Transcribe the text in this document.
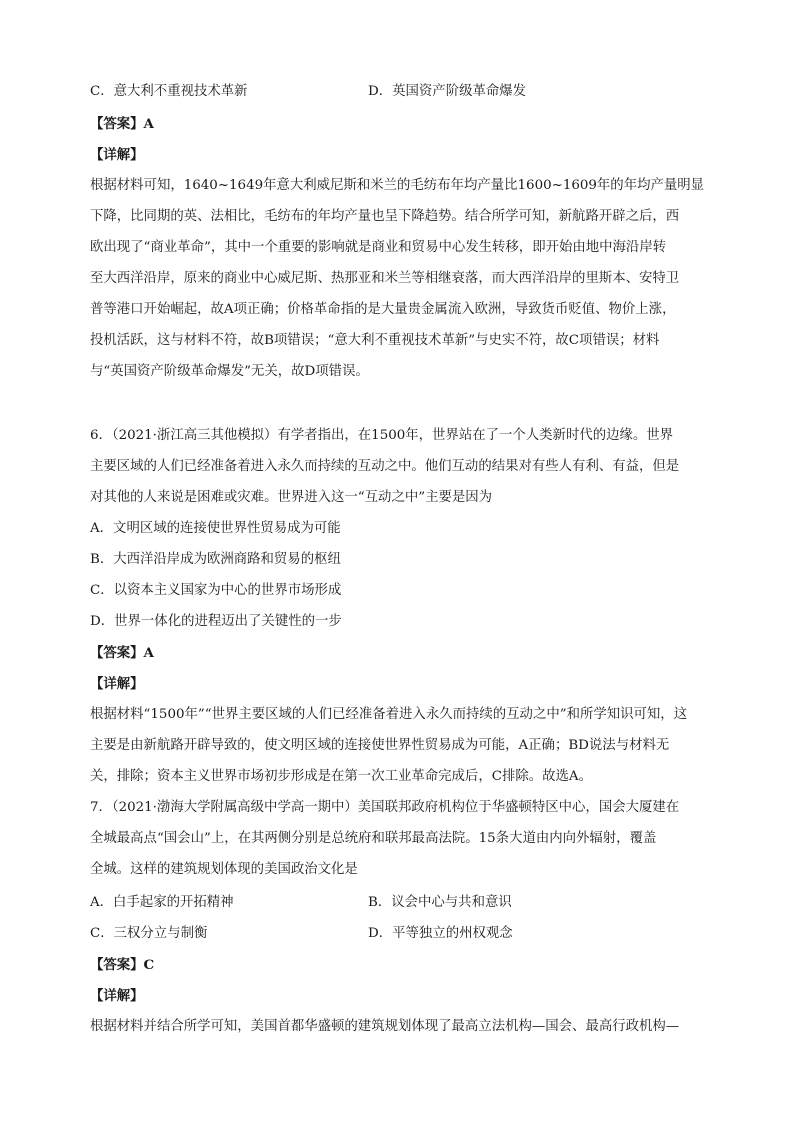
C．意大利不重视技术革新	D．英国资产阶级革命爆发
【答案】A
【详解】
根据材料可知，1640~1649年意大利威尼斯和米兰的毛纺布年均产量比1600~1609年的年均产量明显
下降，比同期的英、法相比，毛纺布的年均产量也呈下降趋势。结合所学可知，新航路开辟之后，西
欧出现了“商业革命”，其中一个重要的影响就是商业和贸易中心发生转移，即开始由地中海沿岸转
至大西洋沿岸，原来的商业中心威尼斯、热那亚和米兰等相继衰落，而大西洋沿岸的里斯本、安特卫
普等港口开始崛起，故A项正确；价格革命指的是大量贵金属流入欧洲，导致货币贬值、物价上涨，
投机活跃，这与材料不符，故B项错误；“意大利不重视技术革新”与史实不符，故C项错误；材料
与“英国资产阶级革命爆发”无关，故D项错误。
6．（2021·浙江高三其他模拟）有学者指出，在1500年，世界站在了一个人类新时代的边缘。世界
主要区域的人们已经准备着进入永久而持续的互动之中。他们互动的结果对有些人有利、有益，但是
对其他的人来说是困难或灾难。世界进入这一“互动之中”主要是因为
A．文明区域的连接使世界性贸易成为可能
B．大西洋沿岸成为欧洲商路和贸易的枢纽
C．以资本主义国家为中心的世界市场形成
D．世界一体化的进程迈出了关键性的一步
【答案】A
【详解】
根据材料“1500年”“世界主要区域的人们已经准备着进入永久而持续的互动之中”和所学知识可知，这
主要是由新航路开辟导致的，使文明区域的连接使世界性贸易成为可能，A正确；BD说法与材料无
关，排除；资本主义世界市场初步形成是在第一次工业革命完成后，C排除。故选A。
7．（2021·渤海大学附属高级中学高一期中）美国联邦政府机构位于华盛顿特区中心，国会大厦建在
全城最高点“国会山”上，在其两侧分别是总统府和联邦最高法院。15条大道由内向外辐射，覆盖
全城。这样的建筑规划体现的美国政治文化是
A．白手起家的开拓精神	B．议会中心与共和意识
C．三权分立与制衡	D．平等独立的州权观念
【答案】C
【详解】
根据材料并结合所学可知，美国首都华盛顿的建筑规划体现了最高立法机构—国会、最高行政机构—
